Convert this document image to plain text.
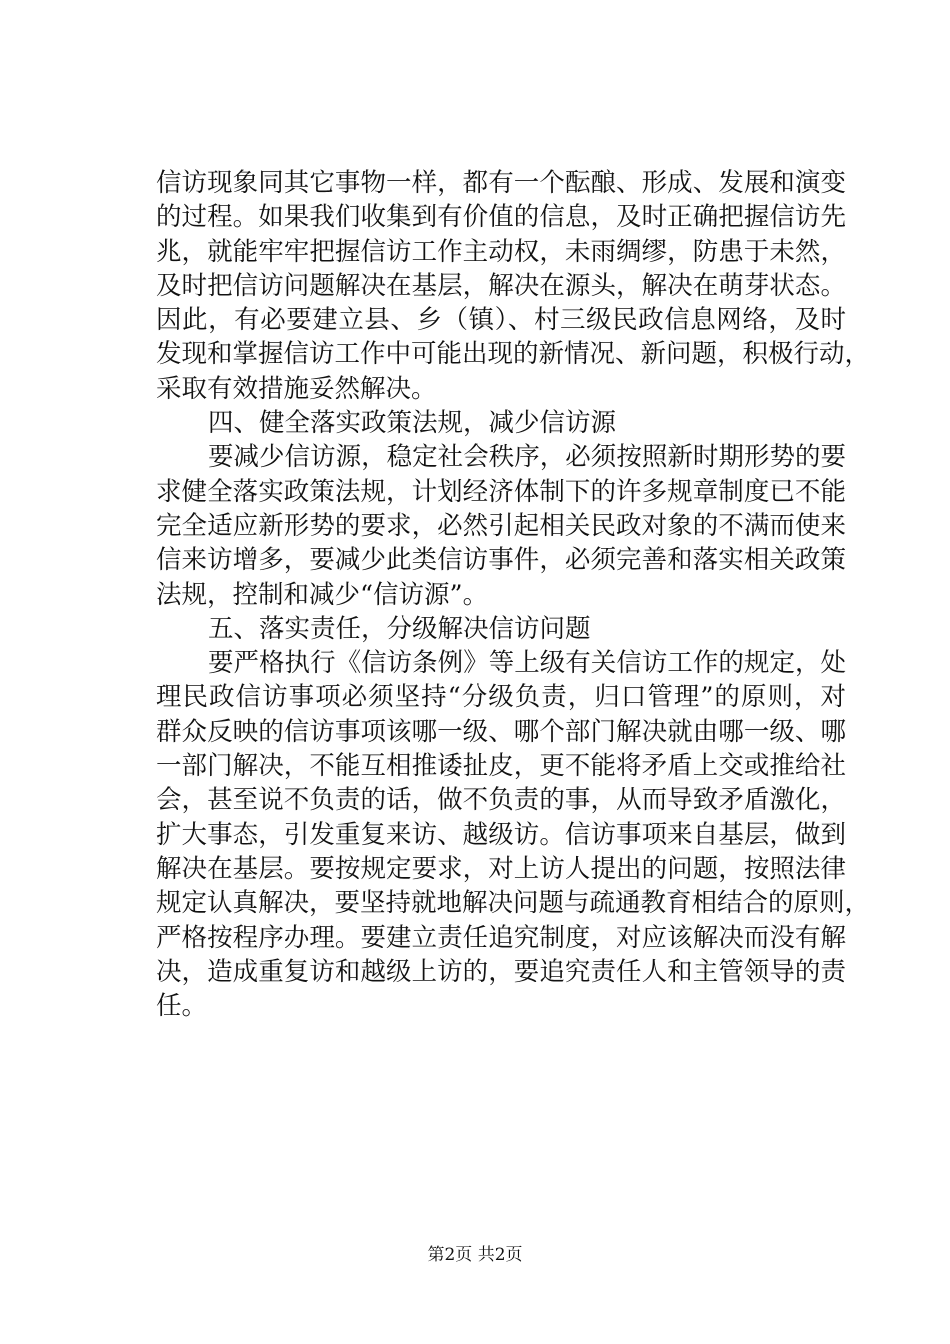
信访现象同其它事物一样，都有一个酝酿、形成、发展和演变
的过程。如果我们收集到有价值的信息，及时正确把握信访先
兆，就能牢牢把握信访工作主动权，未雨绸缪，防患于未然，
及时把信访问题解决在基层，解决在源头，解决在萌芽状态。
因此，有必要建立县、乡（镇）、村三级民政信息网络，及时
发现和掌握信访工作中可能出现的新情况、新问题，积极行动，
采取有效措施妥然解决。
四、健全落实政策法规，减少信访源
要减少信访源，稳定社会秩序，必须按照新时期形势的要
求健全落实政策法规，计划经济体制下的许多规章制度已不能
完全适应新形势的要求，必然引起相关民政对象的不满而使来
信来访增多，要减少此类信访事件，必须完善和落实相关政策
法规，控制和减少“信访源”。
五、落实责任，分级解决信访问题
要严格执行《信访条例》等上级有关信访工作的规定，处
理民政信访事项必须坚持“分级负责，归口管理”的原则，对
群众反映的信访事项该哪一级、哪个部门解决就由哪一级、哪
一部门解决，不能互相推诿扯皮，更不能将矛盾上交或推给社
会，甚至说不负责的话，做不负责的事，从而导致矛盾激化，
扩大事态，引发重复来访、越级访。信访事项来自基层，做到
解决在基层。要按规定要求，对上访人提出的问题，按照法律
规定认真解决，要坚持就地解决问题与疏通教育相结合的原则，
严格按程序办理。要建立责任追究制度，对应该解决而没有解
决，造成重复访和越级上访的，要追究责任人和主管领导的责
任。
第2页 共2页
